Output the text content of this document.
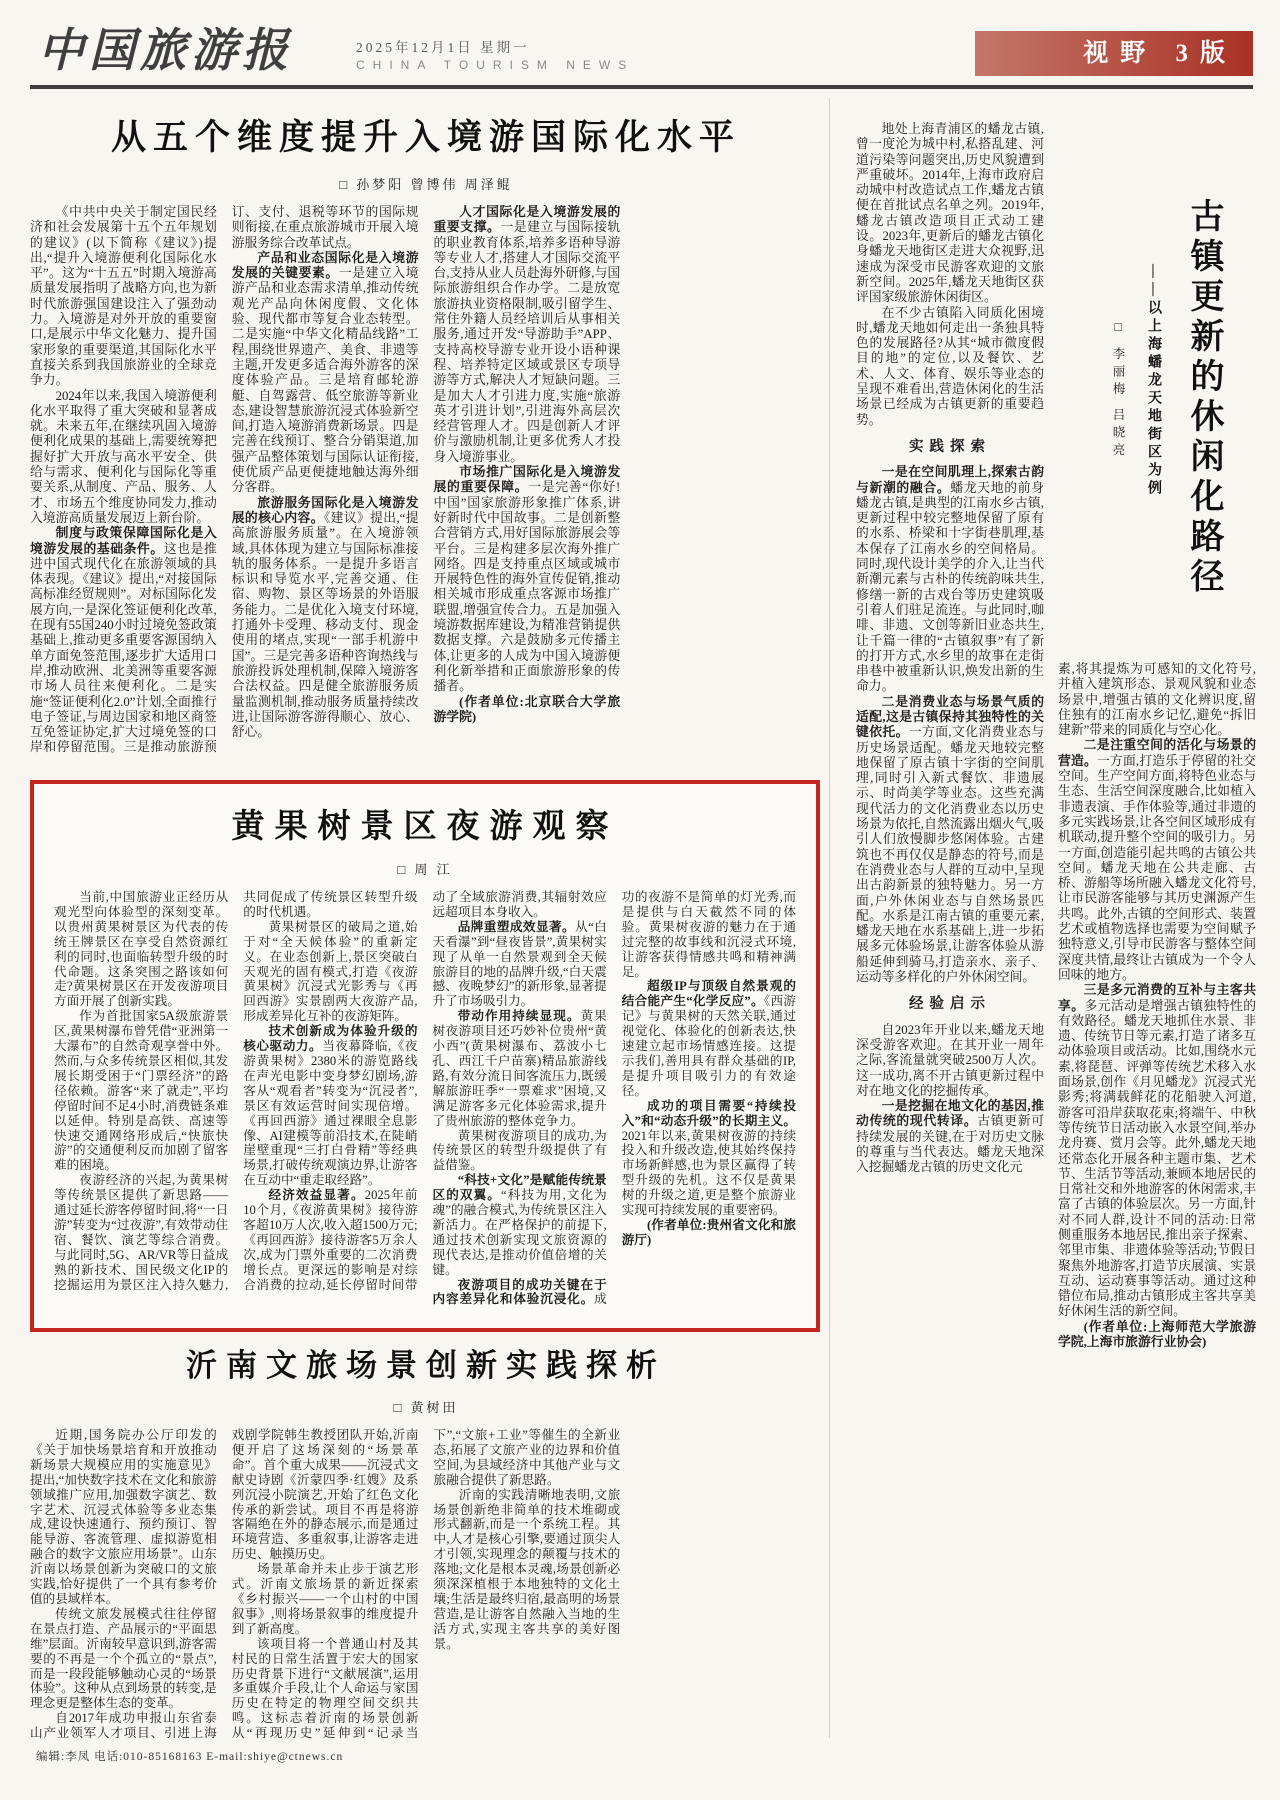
中国旅游报	2025年12月1日 星期一
CHINA TOURISM NEWS	视野 3版
从五个维度提升入境游国际化水平
□ 孙梦阳 曾博伟 周泽鲲

《中共中央关于制定国民经济和社会发展第十五个五年规划的建议》(以下简称《建议》)提出,“提升入境游便利化国际化水平”。这为“十五五”时期入境游高质量发展指明了战略方向,也为新时代旅游强国建设注入了强劲动力。入境游是对外开放的重要窗口,是展示中华文化魅力、提升国家形象的重要渠道,其国际化水平直接关系到我国旅游业的全球竞争力。

2024年以来,我国入境游便利化水平取得了重大突破和显著成就。未来五年,在继续巩固入境游便利化成果的基础上,需要统筹把握好扩大开放与高水平安全、供给与需求、便利化与国际化等重要关系,从制度、产品、服务、人才、市场五个维度协同发力,推动入境游高质量发展迈上新台阶。

制度与政策保障国际化是入境游发展的基础条件。这也是推进中国式现代化在旅游领域的具体表现。《建议》提出,“对接国际高标准经贸规则”。对标国际化发展方向,一是深化签证便利化改革,在现有55国240小时过境免签政策基础上,推动更多重要客源国纳入单方面免签范围,逐步扩大适用口岸,推动欧洲、北美洲等重要客源市场人员往来便利化。二是实施“签证便利化2.0”计划,全面推行电子签证,与周边国家和地区商签互免签证协定,扩大过境免签的口岸和停留范围。三是推动旅游预订、支付、退税等环节的国际规则衔接,在重点旅游城市开展入境游服务综合改革试点。

产品和业态国际化是入境游发展的关键要素。一是建立入境游产品和业态需求清单,推动传统观光产品向休闲度假、文化体验、现代都市等复合业态转型。二是实施“中华文化精品线路”工程,围绕世界遗产、美食、非遗等主题,开发更多适合海外游客的深度体验产品。三是培育邮轮游艇、自驾露营、低空旅游等新业态,建设智慧旅游沉浸式体验新空间,打造入境游消费新场景。四是完善在线预订、整合分销渠道,加强产品整体策划与国际认证衔接,使优质产品更便捷地触达海外细分客群。

旅游服务国际化是入境游发展的核心内容。《建议》提出,“提高旅游服务质量”。在入境游领域,具体体现为建立与国际标准接轨的服务体系。一是提升多语言标识和导览水平,完善交通、住宿、购物、景区等场景的外语服务能力。二是优化入境支付环境,打通外卡受理、移动支付、现金使用的堵点,实现“一部手机游中国”。三是完善多语种咨询热线与旅游投诉处理机制,保障入境游客合法权益。四是健全旅游服务质量监测机制,推动服务质量持续改进,让国际游客游得顺心、放心、舒心。

人才国际化是入境游发展的重要支撑。一是建立与国际接轨的职业教育体系,培养多语种导游等专业人才,搭建人才国际交流平台,支持从业人员赴海外研修,与国际旅游组织合作办学。二是放宽旅游执业资格限制,吸引留学生、常住外籍人员经培训后从事相关服务,通过开发“导游助手”APP、支持高校导游专业开设小语种课程、培养特定区域或景区专项导游等方式,解决人才短缺问题。三是加大人才引进力度,实施“旅游英才引进计划”,引进海外高层次经营管理人才。四是创新人才评价与激励机制,让更多优秀人才投身入境游事业。

市场推广国际化是入境游发展的重要保障。一是完善“你好!中国”国家旅游形象推广体系,讲好新时代中国故事。二是创新整合营销方式,用好国际旅游展会等平台。三是构建多层次海外推广网络。四是支持重点区域或城市开展特色性的海外宣传促销,推动相关城市形成重点客源市场推广联盟,增强宣传合力。五是加强入境游数据库建设,为精准营销提供数据支撑。六是鼓励多元传播主体,让更多的人成为中国入境游便利化新举措和正面旅游形象的传播者。

(作者单位:北京联合大学旅游学院)

黄果树景区夜游观察
□ 周 江

当前,中国旅游业正经历从观光型向体验型的深刻变革。以贵州黄果树景区为代表的传统王牌景区在享受自然资源红利的同时,也面临转型升级的时代命题。这条突围之路该如何走?黄果树景区在开发夜游项目方面开展了创新实践。

作为首批国家5A级旅游景区,黄果树瀑布曾凭借“亚洲第一大瀑布”的自然奇观享誉中外。然而,与众多传统景区相似,其发展长期受困于“门票经济”的路径依赖。游客“来了就走”,平均停留时间不足4小时,消费链条难以延伸。特别是高铁、高速等快速交通网络形成后,“快旅快游”的交通便利反而加剧了留客难的困境。

夜游经济的兴起,为黄果树等传统景区提供了新思路——通过延长游客停留时间,将“一日游”转变为“过夜游”,有效带动住宿、餐饮、演艺等综合消费。与此同时,5G、AR/VR等日益成熟的新技术、国民级文化IP的挖掘运用为景区注入持久魅力,共同促成了传统景区转型升级的时代机遇。

黄果树景区的破局之道,始于对“全天候体验”的重新定义。在业态创新上,景区突破白天观光的固有模式,打造《夜游黄果树》沉浸式光影秀与《再回西游》实景剧两大夜游产品,形成差异化互补的夜游矩阵。

技术创新成为体验升级的核心驱动力。当夜幕降临,《夜游黄果树》2380米的游览路线在声光电影中变身梦幻剧场,游客从“观看者”转变为“沉浸者”,景区有效运营时间实现倍增。《再回西游》通过裸眼全息影像、AI建模等前沿技术,在陡峭崖壁重现“三打白骨精”等经典场景,打破传统观演边界,让游客在互动中“重走取经路”。

经济效益显著。2025年前10个月,《夜游黄果树》接待游客超10万人次,收入超1500万元;《再回西游》接待游客5万余人次,成为门票外重要的二次消费增长点。更深远的影响是对综合消费的拉动,延长停留时间带动了全域旅游消费,其辐射效应远超项目本身收入。

品牌重塑成效显著。从“白天看瀑”到“昼夜皆景”,黄果树实现了从单一自然景观到全天候旅游目的地的品牌升级,“白天震撼、夜晚梦幻”的新形象,显著提升了市场吸引力。

带动作用持续显现。黄果树夜游项目还巧妙补位贵州“黄小西”(黄果树瀑布、荔波小七孔、西江千户苗寨)精品旅游线路,有效分流日间客流压力,既缓解旅游旺季“一票难求”困境,又满足游客多元化体验需求,提升了贵州旅游的整体竞争力。

黄果树夜游项目的成功,为传统景区的转型升级提供了有益借鉴。

“科技+文化”是赋能传统景区的双翼。“科技为用,文化为魂”的融合模式,为传统景区注入新活力。在严格保护的前提下,通过技术创新实现文旅资源的现代表达,是推动价值倍增的关键。

夜游项目的成功关键在于内容差异化和体验沉浸化。成功的夜游不是简单的灯光秀,而是提供与白天截然不同的体验。黄果树夜游的魅力在于通过完整的故事线和沉浸式环境,让游客获得情感共鸣和精神满足。

超级IP与顶级自然景观的结合能产生“化学反应”。《西游记》与黄果树的天然关联,通过视觉化、体验化的创新表达,快速建立起市场情感连接。这提示我们,善用具有群众基础的IP,是提升项目吸引力的有效途径。

成功的项目需要“持续投入”和“动态升级”的长期主义。2021年以来,黄果树夜游的持续投入和升级改造,使其始终保持市场新鲜感,也为景区赢得了转型升级的先机。这不仅是黄果树的升级之道,更是整个旅游业实现可持续发展的重要密码。

(作者单位:贵州省文化和旅游厅)

沂南文旅场景创新实践探析
□ 黄树田

近期,国务院办公厅印发的《关于加快场景培育和开放推动新场景大规模应用的实施意见》提出,“加快数字技术在文化和旅游领域推广应用,加强数字演艺、数字艺术、沉浸式体验等多业态集成,建设快速通行、预约预订、智能导游、客流管理、虚拟游览相融合的数字文旅应用场景”。山东沂南以场景创新为突破口的文旅实践,恰好提供了一个具有参考价值的县域样本。

传统文旅发展模式往往停留在景点打造、产品展示的“平面思维”层面。沂南较早意识到,游客需要的不再是一个个孤立的“景点”,而是一段段能够触动心灵的“场景体验”。这种从点到场景的转变,是理念更是整体生态的变革。

自2017年成功申报山东省泰山产业领军人才项目、引进上海戏剧学院韩生教授团队开始,沂南便开启了这场深刻的“场景革命”。首个重大成果——沉浸式文献史诗剧《沂蒙四季·红嫂》及系列沉浸小院演艺,开始了红色文化传承的新尝试。项目不再是将游客隔绝在外的静态展示,而是通过环境营造、多重叙事,让游客走进历史、触摸历史。

场景革命并未止步于演艺形式。沂南文旅场景的新近探索《乡村振兴——一个山村的中国叙事》,则将场景叙事的维度提升到了新高度。

该项目将一个普通山村及其村民的日常生活置于宏大的国家历史背景下进行“文献展演”,运用多重媒介手段,让个人命运与家国历史在特定的物理空间交织共鸣。这标志着沂南的场景创新从“再现历史”延伸到“记录当下”,“文旅+工业”等催生的全新业态,拓展了文旅产业的边界和价值空间,为县域经济中其他产业与文旅融合提供了新思路。

沂南的实践清晰地表明,文旅场景创新绝非简单的技术堆砌或形式翻新,而是一个系统工程。其中,人才是核心引擎,要通过顶尖人才引领,实现理念的颠覆与技术的落地;文化是根本灵魂,场景创新必须深深植根于本地独特的文化土壤;生活是最终归宿,最高明的场景营造,是让游客自然融入当地的生活方式,实现主客共享的美好图景。

地处上海青浦区的蟠龙古镇,曾一度沦为城中村,私搭乱建、河道污染等问题突出,历史风貌遭到严重破坏。2014年,上海市政府启动城中村改造试点工作,蟠龙古镇便在首批试点名单之列。2019年,蟠龙古镇改造项目正式动工建设。2023年,更新后的蟠龙古镇化身蟠龙天地街区走进大众视野,迅速成为深受市民游客欢迎的文旅新空间。2025年,蟠龙天地街区获评国家级旅游休闲街区。

在不少古镇陷入同质化困境时,蟠龙天地如何走出一条独具特色的发展路径?从其“城市微度假目的地”的定位,以及餐饮、艺术、人文、体育、娱乐等业态的呈现不难看出,营造休闲化的生活场景已经成为古镇更新的重要趋势。

实践探索

一是在空间肌理上,探索古韵与新潮的融合。蟠龙天地的前身蟠龙古镇,是典型的江南水乡古镇,更新过程中较完整地保留了原有的水系、桥梁和十字街巷肌理,基本保存了江南水乡的空间格局。同时,现代设计美学的介入,让当代新潮元素与古朴的传统韵味共生,修缮一新的古戏台等历史建筑吸引着人们驻足流连。与此同时,咖啡、非遗、文创等新旧业态共生,让千篇一律的“古镇叙事”有了新的打开方式,水乡里的故事在走街串巷中被重新认识,焕发出新的生命力。

二是消费业态与场景气质的适配,这是古镇保持其独特性的关键依托。一方面,文化消费业态与历史场景适配。蟠龙天地较完整地保留了原古镇十字街的空间肌理,同时引入新式餐饮、非遗展示、时尚美学等业态。这些充满现代活力的文化消费业态以历史场景为依托,自然流露出烟火气,吸引人们放慢脚步悠闲体验。古建筑也不再仅仅是静态的符号,而是在消费业态与人群的互动中,呈现出古韵新景的独特魅力。另一方面,户外休闲业态与自然场景匹配。水系是江南古镇的重要元素,蟠龙天地在水系基础上,进一步拓展多元体验场景,让游客体验从游船延伸到骑马,打造亲水、亲子、运动等多样化的户外休闲空间。

经验启示

自2023年开业以来,蟠龙天地深受游客欢迎。在其开业一周年之际,客流量就突破2500万人次。这一成功,离不开古镇更新过程中对在地文化的挖掘传承。

一是挖掘在地文化的基因,推动传统的现代转译。古镇更新可持续发展的关键,在于对历史文脉的尊重与当代表达。蟠龙天地深入挖掘蟠龙古镇的历史文化元

□ 李丽梅 吕晓亮 ——以上海蟠龙天地街区为例 古镇更新的休闲化路径

素,将其提炼为可感知的文化符号,并植入建筑形态、景观风貌和业态场景中,增强古镇的文化辨识度,留住独有的江南水乡记忆,避免“拆旧建新”带来的同质化与空心化。

二是注重空间的活化与场景的营造。一方面,打造乐于停留的社交空间。生产空间方面,将特色业态与生态、生活空间深度融合,比如植入非遗表演、手作体验等,通过非遗的多元实践场景,让各空间区域形成有机联动,提升整个空间的吸引力。另一方面,创造能引起共鸣的古镇公共空间。蟠龙天地在公共走廊、古桥、游船等场所融入蟠龙文化符号,让市民游客能够与其历史渊源产生共鸣。此外,古镇的空间形式、装置艺术或植物选择也需要为空间赋予独特意义,引导市民游客与整体空间深度共情,最终让古镇成为一个令人回味的地方。

三是多元消费的互补与主客共享。多元活动是增强古镇独特性的有效路径。蟠龙天地抓住水景、非遗、传统节日等元素,打造了诸多互动体验项目或活动。比如,围绕水元素,将琵琶、评弹等传统艺术移入水面场景,创作《月见蟠龙》沉浸式光影秀;将满载鲜花的花船驶入河道,游客可沿岸获取花束;将端午、中秋等传统节日活动嵌入水景空间,举办龙舟赛、赏月会等。此外,蟠龙天地还常态化开展各种主题市集、艺术节、生活节等活动,兼顾本地居民的日常社交和外地游客的休闲需求,丰富了古镇的体验层次。另一方面,针对不同人群,设计不同的活动:日常侧重服务本地居民,推出亲子探索、邻里市集、非遗体验等活动;节假日聚焦外地游客,打造节庆展演、实景互动、运动赛事等活动。通过这种错位布局,推动古镇形成主客共享美好休闲生活的新空间。

(作者单位:上海师范大学旅游学院,上海市旅游行业协会)

编辑:李凤 电话:010-85168163 E-mail:shiye@ctnews.cn
